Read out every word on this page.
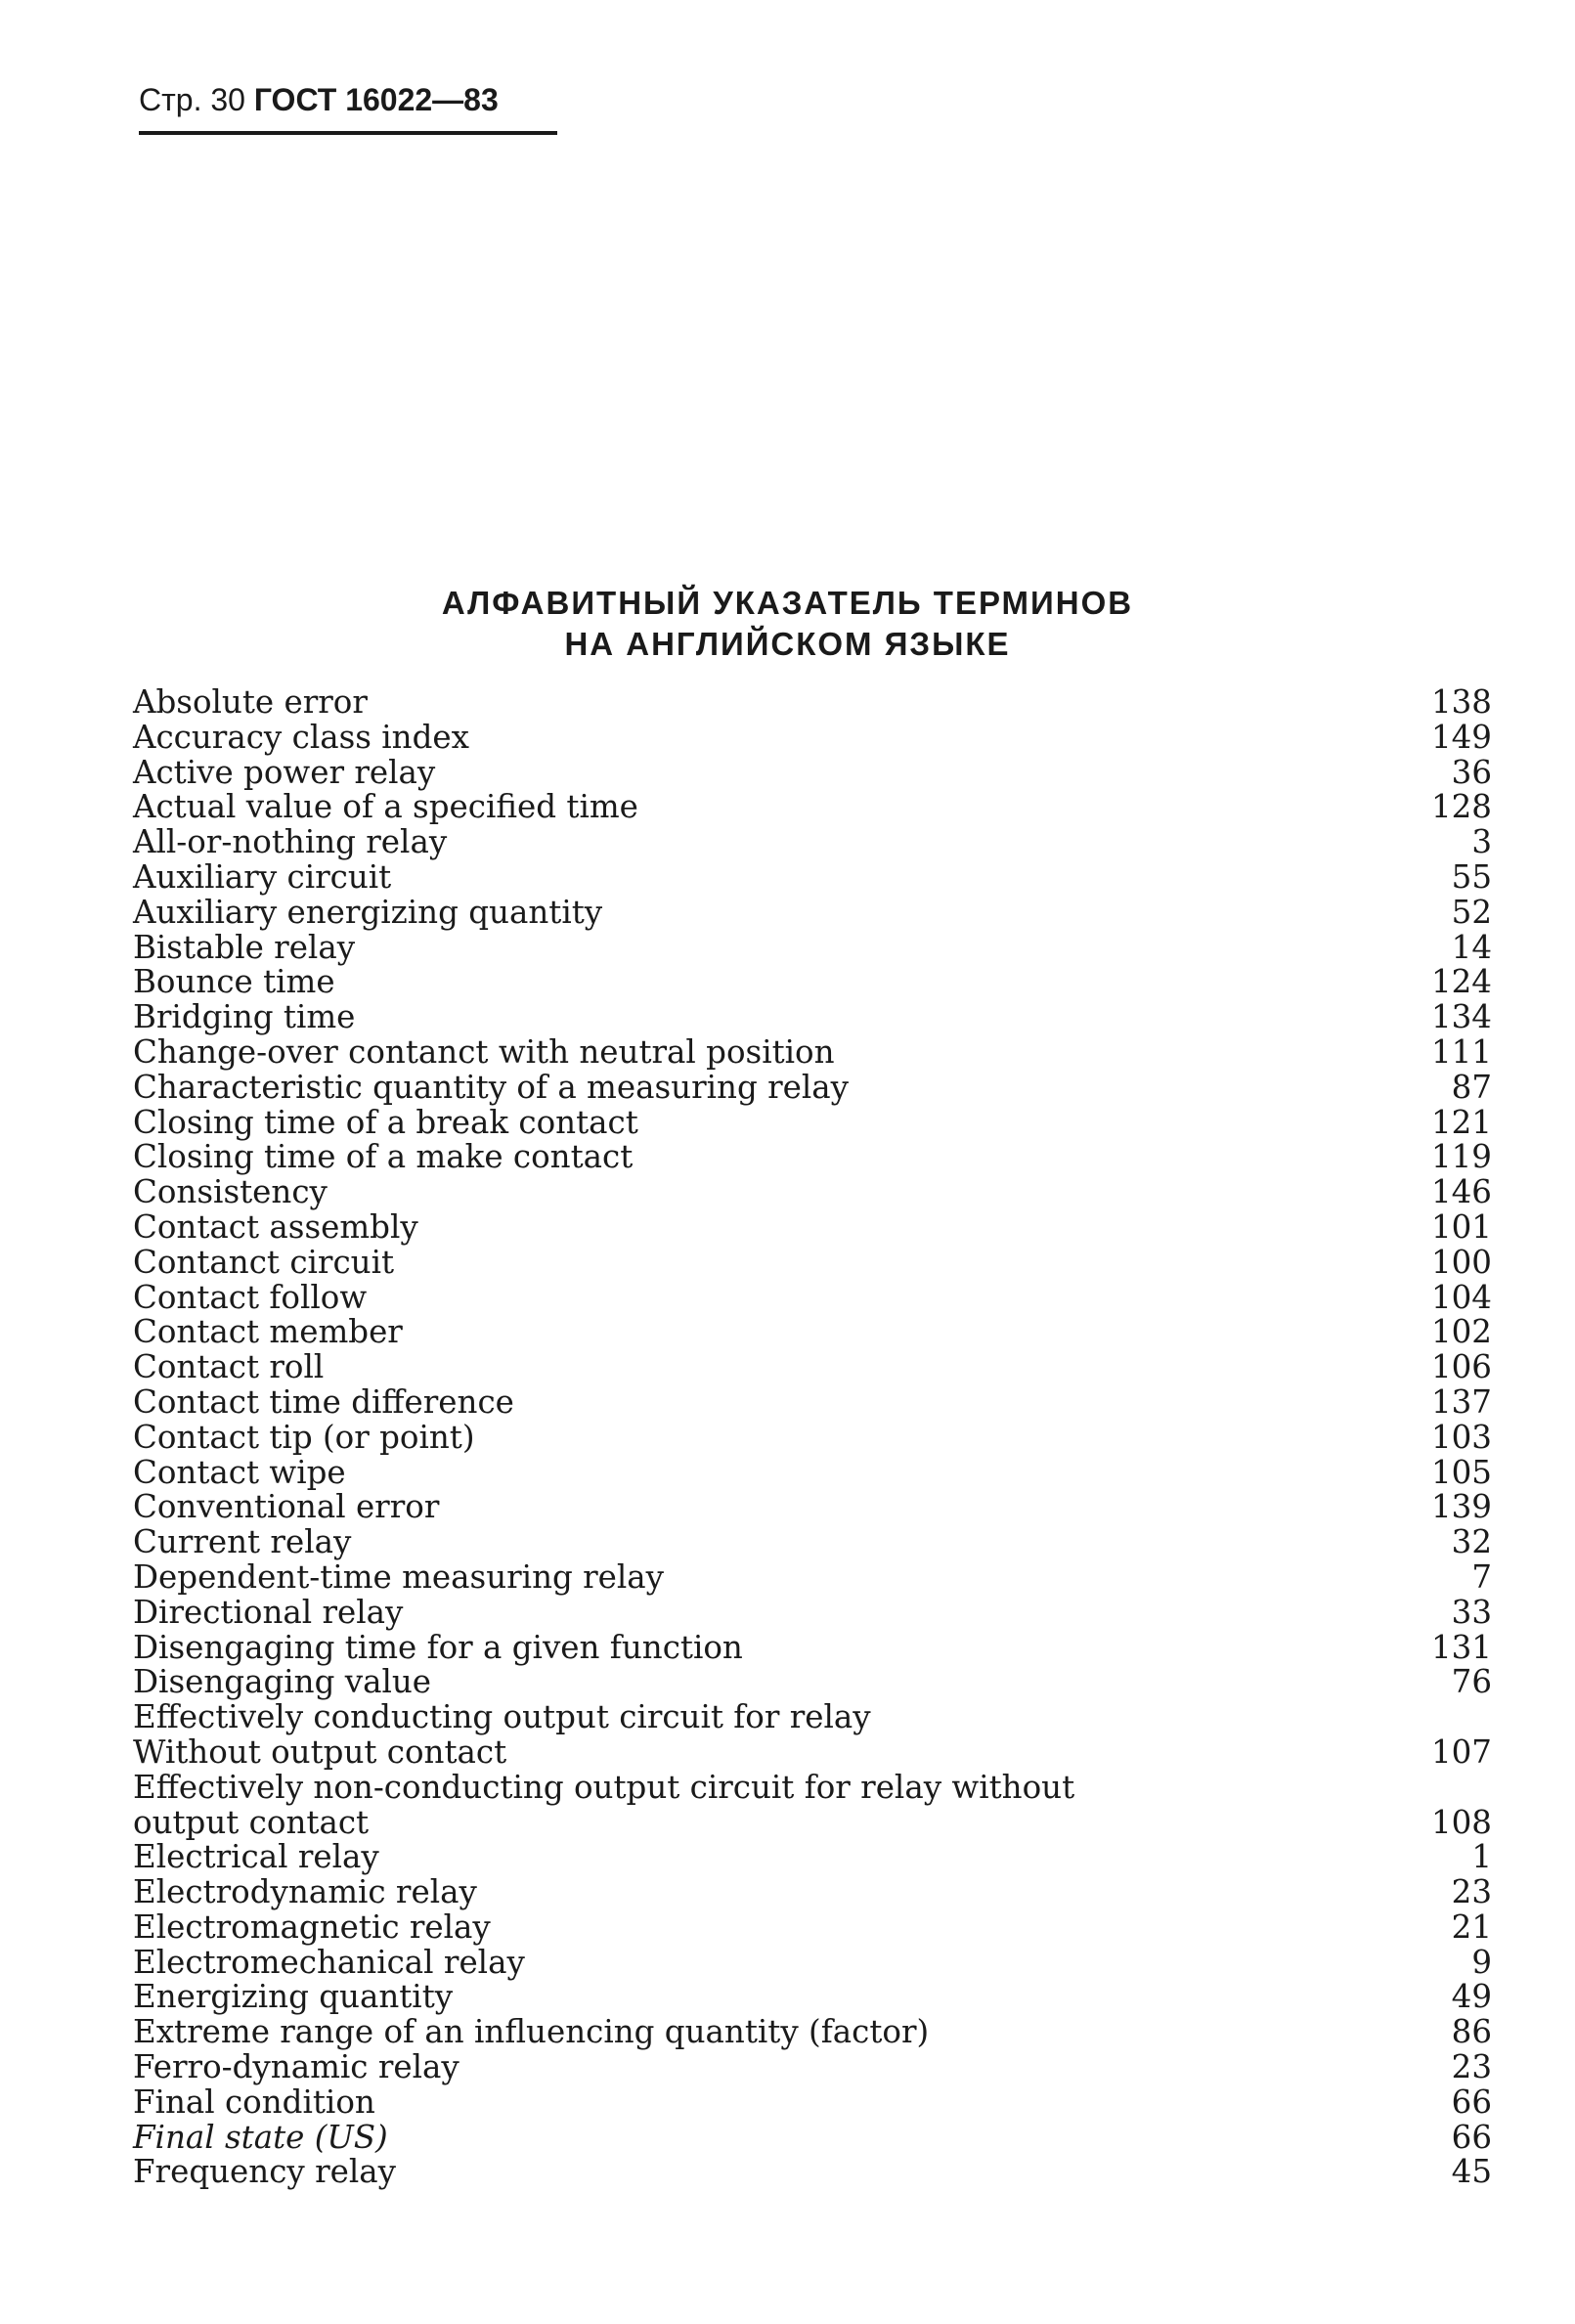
Стр. 30 ГОСТ 16022—83
АЛФАВИТНЫЙ УКАЗАТЕЛЬ ТЕРМИНОВ
НА АНГЛИЙСКОМ ЯЗЫКЕ
Absolute error	138
Accuracy class index	149
Active power relay	36
Actual value of a specified time	128
All-or-nothing relay	3
Auxiliary circuit	55
Auxiliary energizing quantity	52
Bistable relay	14
Bounce time	124
Bridging time	134
Change-over contanct with neutral position	111
Characteristic quantity of a measuring relay	87
Closing time of a break contact	121
Closing time of a make contact	119
Consistency	146
Contact assembly	101
Contanct circuit	100
Contact follow	104
Contact member	102
Contact roll	106
Contact time difference	137
Contact tip (or point)	103
Contact wipe	105
Conventional error	139
Current relay	32
Dependent-time measuring relay	7
Directional relay	33
Disengaging time for a given function	131
Disengaging value	76
Effectively conducting output circuit for relay
Without output contact	107
Effectively non-conducting output circuit for relay without
output contact	108
Electrical relay	1
Electrodynamic relay	23
Electromagnetic relay	21
Electromechanical relay	9
Energizing quantity	49
Extreme range of an influencing quantity (factor)	86
Ferro-dynamic relay	23
Final condition	66
Final state (US)	66
Frequency relay	45
